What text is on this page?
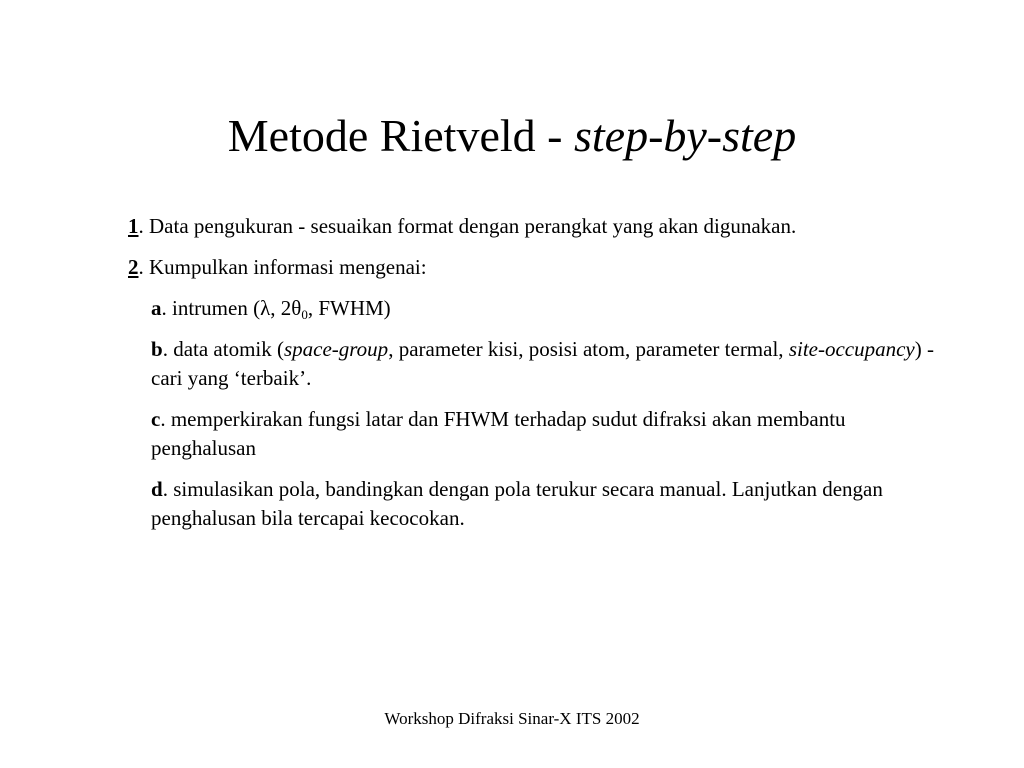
Metode Rietveld - step-by-step
1. Data pengukuran - sesuaikan format dengan perangkat yang akan digunakan.
2. Kumpulkan informasi mengenai:
a. intrumen (λ, $2\theta_0$, FWHM)
b. data atomik (space-group, parameter kisi, posisi atom, parameter termal, site-occupancy) - cari yang ‘terbaik’.
c. memperkirakan fungsi latar dan FHWM terhadap sudut difraksi akan membantu penghalusan
d. simulasikan pola, bandingkan dengan pola terukur secara manual. Lanjutkan dengan penghalusan bila tercapai kecocokan.
Workshop Difraksi Sinar-X ITS 2002
